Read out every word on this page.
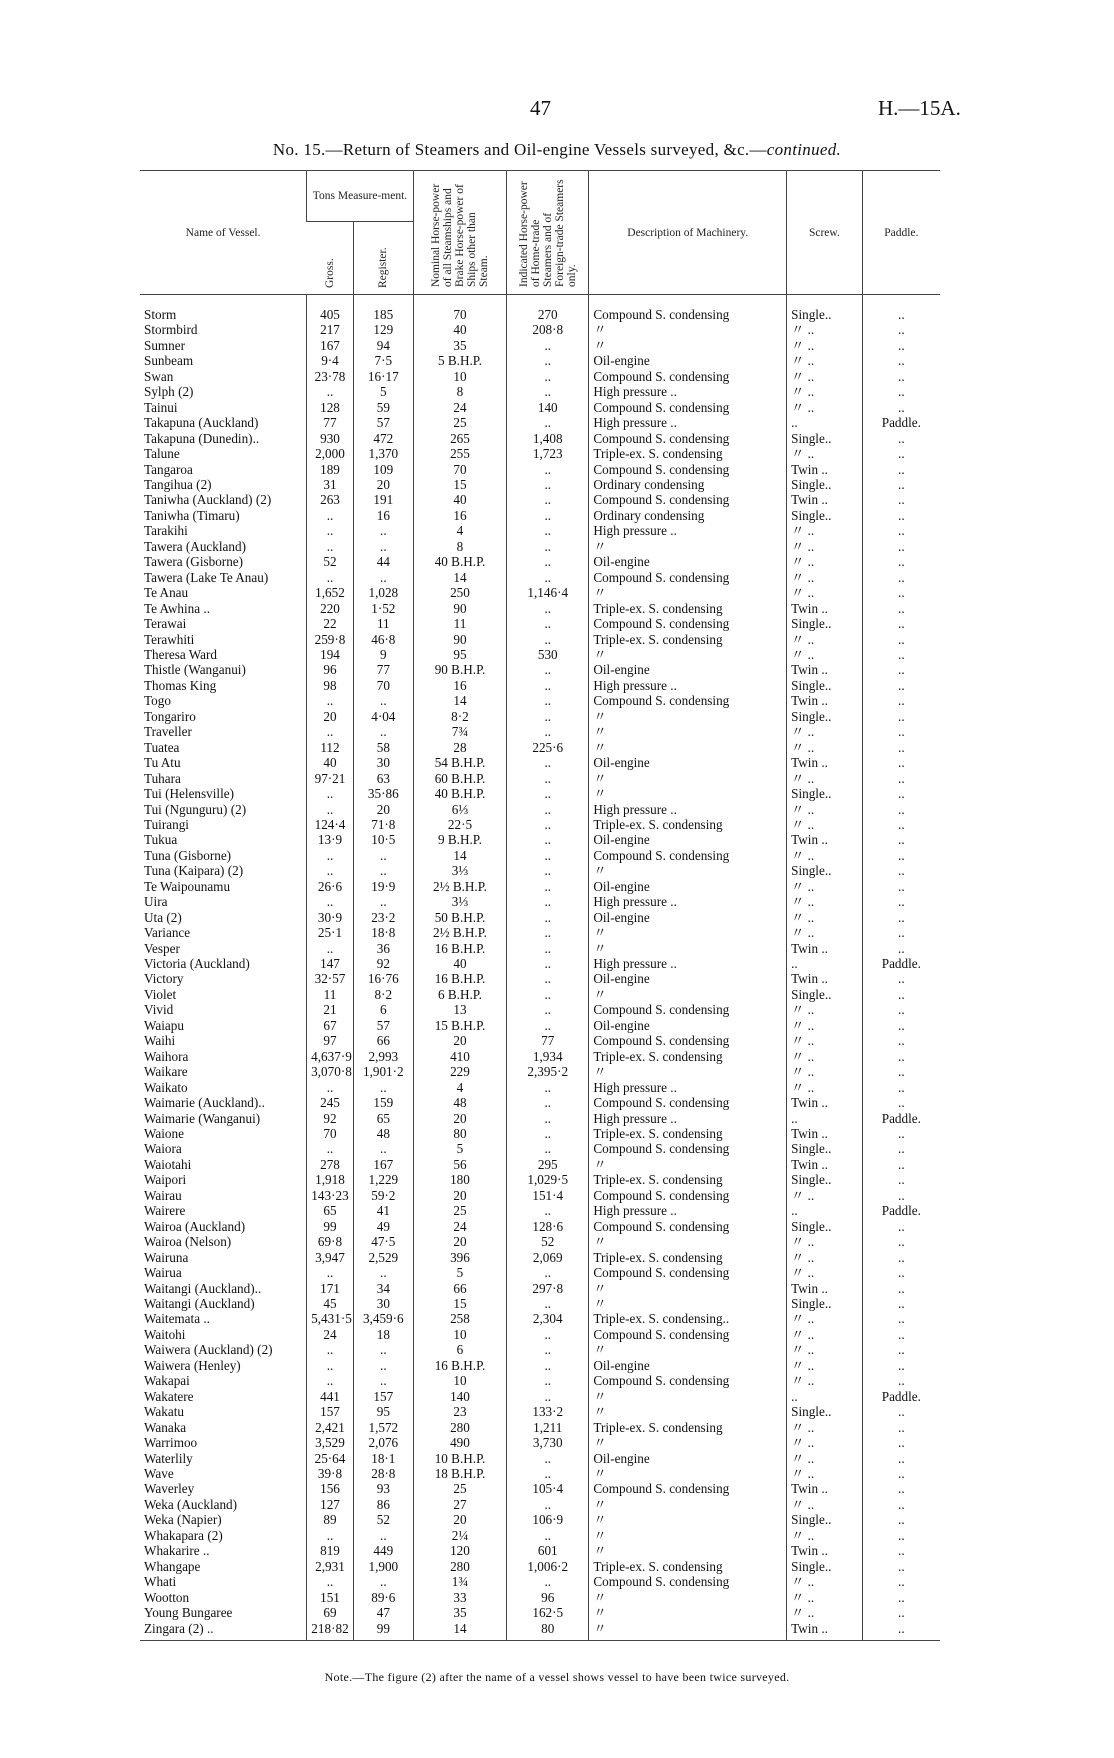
47	H.—15A.
No. 15.—Return of Steamers and Oil-engine Vessels surveyed, &c.—continued.
Name of Vessel.	Tons Measure-ment.		Nominal Horse-power of all Steamships and Brake Horse-power of Ships other than Steam.	Indicated Horse-power of Home-trade Steamers and of Foreign-trade Steamers only.	Description of Machinery.	Screw.	Paddle.

	Gross.	Register.					

Storm	405	185	70	270	Compound S. condensing	Single..	..
Stormbird	217	129	40	208·8	〃	〃 ..	..
Sumner	167	94	35	..	〃	〃 ..	..
Sunbeam	9·4	7·5	5 B.H.P.	..	Oil-engine	〃 ..	..
Swan	23·78	16·17	10	..	Compound S. condensing	〃 ..	..
Sylph (2)	..	5	8	..	High pressure ..	〃 ..	..
Tainui	128	59	24	140	Compound S. condensing	〃 ..	..
Takapuna (Auckland)	77	57	25	..	High pressure ..	..	Paddle.
Takapuna (Dunedin)..	930	472	265	1,408	Compound S. condensing	Single..	..
Talune	2,000	1,370	255	1,723	Triple-ex. S. condensing	〃 ..	..
Tangaroa	189	109	70	..	Compound S. condensing	Twin ..	..
Tangihua (2)	31	20	15	..	Ordinary condensing	Single..	..
Taniwha (Auckland) (2)	263	191	40	..	Compound S. condensing	Twin ..	..
Taniwha (Timaru)	..	16	16	..	Ordinary condensing	Single..	..
Tarakihi	..	..	4	..	High pressure ..	〃 ..	..
Tawera (Auckland)	..	..	8	..	〃	〃 ..	..
Tawera (Gisborne)	52	44	40 B.H.P.	..	Oil-engine	〃 ..	..
Tawera (Lake Te Anau)	..	..	14	..	Compound S. condensing	〃 ..	..
Te Anau	1,652	1,028	250	1,146·4	〃	〃 ..	..
Te Awhina ..	220	1·52	90	..	Triple-ex. S. condensing	Twin ..	..
Terawai	22	11	11	..	Compound S. condensing	Single..	..
Terawhiti	259·8	46·8	90	..	Triple-ex. S. condensing	〃 ..	..
Theresa Ward	194	9	95	530	〃	〃 ..	..
Thistle (Wanganui)	96	77	90 B.H.P.	..	Oil-engine	Twin ..	..
Thomas King	98	70	16	..	High pressure ..	Single..	..
Togo	..	..	14	..	Compound S. condensing	Twin ..	..
Tongariro	20	4·04	8·2	..	〃	Single..	..
Traveller	..	..	7¾	..	〃	〃 ..	..
Tuatea	112	58	28	225·6	〃	〃 ..	..
Tu Atu	40	30	54 B.H.P.	..	Oil-engine	Twin ..	..
Tuhara	97·21	63	60 B.H.P.	..	〃	〃 ..	..
Tui (Helensville)	..	35·86	40 B.H.P.	..	〃	Single..	..
Tui (Ngunguru) (2)	..	20	6⅓	..	High pressure ..	〃 ..	..
Tuirangi	124·4	71·8	22·5	..	Triple-ex. S. condensing	〃 ..	..
Tukua	13·9	10·5	9 B.H.P.	..	Oil-engine	Twin ..	..
Tuna (Gisborne)	..	..	14	..	Compound S. condensing	〃 ..	..
Tuna (Kaipara) (2)	..	..	3⅓	..	〃	Single..	..
Te Waipounamu	26·6	19·9	2½ B.H.P.	..	Oil-engine	〃 ..	..
Uira	..	..	3⅓	..	High pressure ..	〃 ..	..
Uta (2)	30·9	23·2	50 B.H.P.	..	Oil-engine	〃 ..	..
Variance	25·1	18·8	2½ B.H.P.	..	〃	〃 ..	..
Vesper	..	36	16 B.H.P.	..	〃	Twin ..	..
Victoria (Auckland)	147	92	40	..	High pressure ..	..	Paddle.
Victory	32·57	16·76	16 B.H.P.	..	Oil-engine	Twin ..	..
Violet	11	8·2	6 B.H.P.	..	〃	Single..	..
Vivid	21	6	13	..	Compound S. condensing	〃 ..	..
Waiapu	67	57	15 B.H.P.	..	Oil-engine	〃 ..	..
Waihi	97	66	20	77	Compound S. condensing	〃 ..	..
Waihora	4,637·9	2,993	410	1,934	Triple-ex. S. condensing	〃 ..	..
Waikare	3,070·8	1,901·2	229	2,395·2	〃	〃 ..	..
Waikato	..	..	4	..	High pressure ..	〃 ..	..
Waimarie (Auckland)..	245	159	48	..	Compound S. condensing	Twin ..	..
Waimarie (Wanganui)	92	65	20	..	High pressure ..	..	Paddle.
Waione	70	48	80	..	Triple-ex. S. condensing	Twin ..	..
Waiora	..	..	5	..	Compound S. condensing	Single..	..
Waiotahi	278	167	56	295	〃	Twin ..	..
Waipori	1,918	1,229	180	1,029·5	Triple-ex. S. condensing	Single..	..
Wairau	143·23	59·2	20	151·4	Compound S. condensing	〃 ..	..
Wairere	65	41	25	..	High pressure ..	..	Paddle.
Wairoa (Auckland)	99	49	24	128·6	Compound S. condensing	Single..	..
Wairoa (Nelson)	69·8	47·5	20	52	〃	〃 ..	..
Wairuna	3,947	2,529	396	2,069	Triple-ex. S. condensing	〃 ..	..
Wairua	..	..	5	..	Compound S. condensing	〃 ..	..
Waitangi (Auckland)..	171	34	66	297·8	〃	Twin ..	..
Waitangi (Auckland)	45	30	15	..	〃	Single..	..
Waitemata ..	5,431·5	3,459·6	258	2,304	Triple-ex. S. condensing..	〃 ..	..
Waitohi	24	18	10	..	Compound S. condensing	〃 ..	..
Waiwera (Auckland) (2)	..	..	6	..	〃	〃 ..	..
Waiwera (Henley)	..	..	16 B.H.P.	..	Oil-engine	〃 ..	..
Wakapai	..	..	10	..	Compound S. condensing	〃 ..	..
Wakatere	441	157	140	..	〃	..	Paddle.
Wakatu	157	95	23	133·2	〃	Single..	..
Wanaka	2,421	1,572	280	1,211	Triple-ex. S. condensing	〃 ..	..
Warrimoo	3,529	2,076	490	3,730	〃	〃 ..	..
Waterlily	25·64	18·1	10 B.H.P.	..	Oil-engine	〃 ..	..
Wave	39·8	28·8	18 B.H.P.	..	〃	〃 ..	..
Waverley	156	93	25	105·4	Compound S. condensing	Twin ..	..
Weka (Auckland)	127	86	27	..	〃	〃 ..	..
Weka (Napier)	89	52	20	106·9	〃	Single..	..
Whakapara (2)	..	..	2¼	..	〃	〃 ..	..
Whakarire ..	819	449	120	601	〃	Twin ..	..
Whangape	2,931	1,900	280	1,006·2	Triple-ex. S. condensing	Single..	..
Whati	..	..	1¾	..	Compound S. condensing	〃 ..	..
Wootton	151	89·6	33	96	〃	〃 ..	..
Young Bungaree	69	47	35	162·5	〃	〃 ..	..
Zingara (2) ..	218·82	99	14	80	〃	Twin ..	..
Note.—The figure (2) after the name of a vessel shows vessel to have been twice surveyed.
